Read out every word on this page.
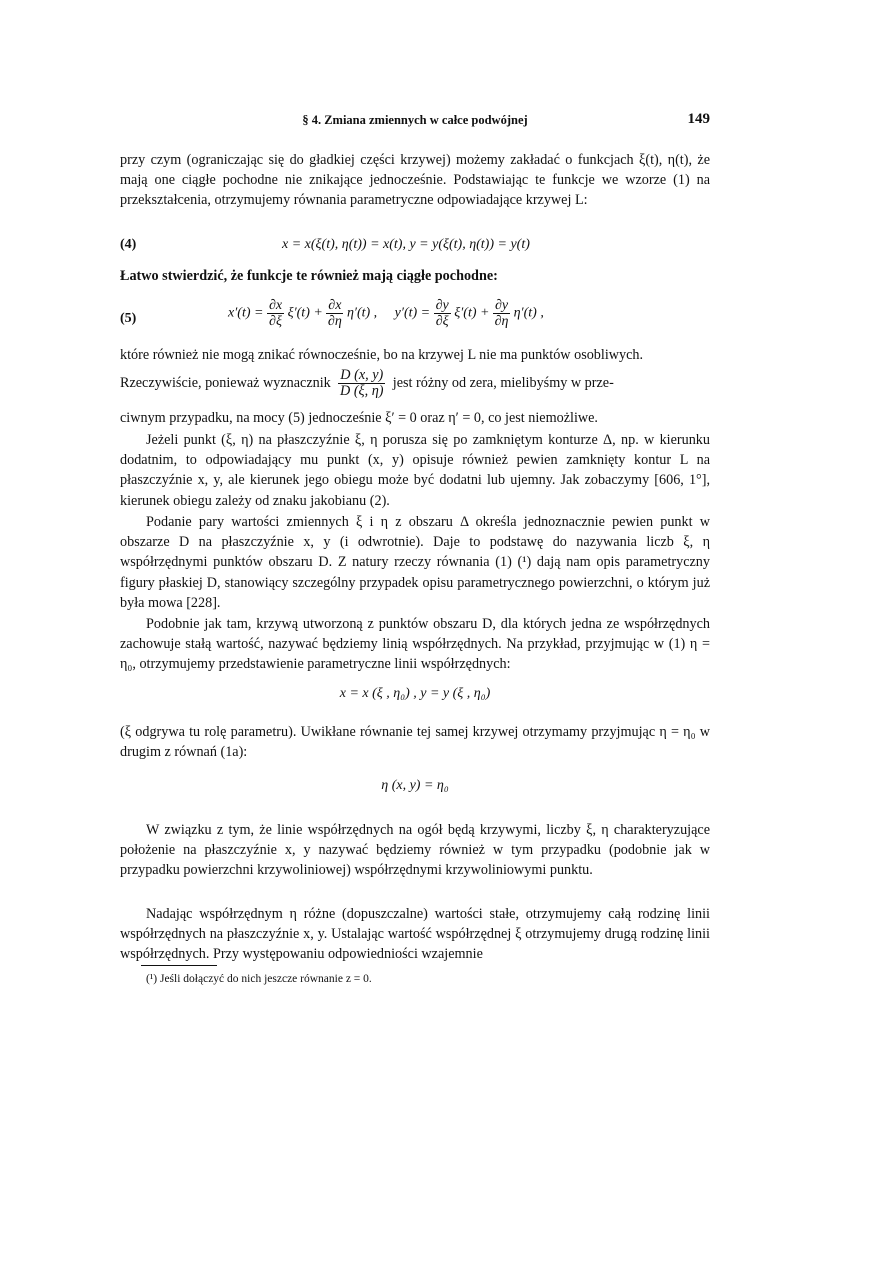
§ 4. Zmiana zmiennych w całce podwójnej	149

przy czym (ograniczając się do gładkiej części krzywej) możemy zakładać o funkcjach ξ(t), η(t), że mają one ciągłe pochodne nie znikające jednocześnie. Podstawiając te funkcje we wzorze (1) na przekształcenia, otrzymujemy równania parametryczne odpowiadające krzywej L:

(4)	x = x(ξ(t), η(t)) = x(t), y = y(ξ(t), η(t)) = y(t)

Łatwo stwierdzić, że funkcje te również mają ciągłe pochodne:

(5)	$x'(t) = \frac{\partial x}{\partial\xi} \xi'(t) + \frac{\partial x}{\partial\eta} \eta'(t)$ , $y'(t) = \frac{\partial y}{\partial\xi} \xi'(t) + \frac{\partial y}{\partial\eta} \eta'(t)$ ,

które również nie mogą znikać równocześnie, bo na krzywej L nie ma punktów osobliwych.

Rzeczywiście, ponieważ wyznacznik $\frac{D (x, y)}{D (\xi, \eta)}$ jest różny od zera, mielibyśmy w prze-

ciwnym przypadku, na mocy (5) jednocześnie ξ′ = 0 oraz η′ = 0, co jest niemożliwe.

Jeżeli punkt (ξ, η) na płaszczyźnie ξ, η porusza się po zamkniętym konturze Δ, np. w kierunku dodatnim, to odpowiadający mu punkt (x, y) opisuje również pewien zamknięty kontur L na płaszczyźnie x, y, ale kierunek jego obiegu może być dodatni lub ujemny. Jak zobaczymy [606, 1°], kierunek obiegu zależy od znaku jakobianu (2).

Podanie pary wartości zmiennych ξ i η z obszaru Δ określa jednoznacznie pewien punkt w obszarze D na płaszczyźnie x, y (i odwrotnie). Daje to podstawę do nazywania liczb ξ, η współrzędnymi punktów obszaru D. Z natury rzeczy równania (1) (¹) dają nam opis parametryczny figury płaskiej D, stanowiący szczególny przypadek opisu parametrycznego powierzchni, o którym już była mowa [228].

Podobnie jak tam, krzywą utworzoną z punktów obszaru D, dla których jedna ze współrzędnych zachowuje stałą wartość, nazywać będziemy linią współrzędnych. Na przykład, przyjmując w (1) η = η₀, otrzymujemy przedstawienie parametryczne linii współrzędnych:

x = x (ξ , η₀) , y = y (ξ , η₀)

(ξ odgrywa tu rolę parametru). Uwikłane równanie tej samej krzywej otrzymamy przyjmując η = η₀ w drugim z równań (1a):

η (x, y) = η₀

W związku z tym, że linie współrzędnych na ogół będą krzywymi, liczby ξ, η charakteryzujące położenie na płaszczyźnie x, y nazywać będziemy również w tym przypadku (podobnie jak w przypadku powierzchni krzywoliniowej) współrzędnymi krzywoliniowymi punktu.

Nadając współrzędnym η różne (dopuszczalne) wartości stałe, otrzymujemy całą rodzinę linii współrzędnych na płaszczyźnie x, y. Ustalając wartość współrzędnej ξ otrzymujemy drugą rodzinę linii współrzędnych. Przy występowaniu odpowiedniości wzajemnie

(¹) Jeśli dołączyć do nich jeszcze równanie z = 0.
